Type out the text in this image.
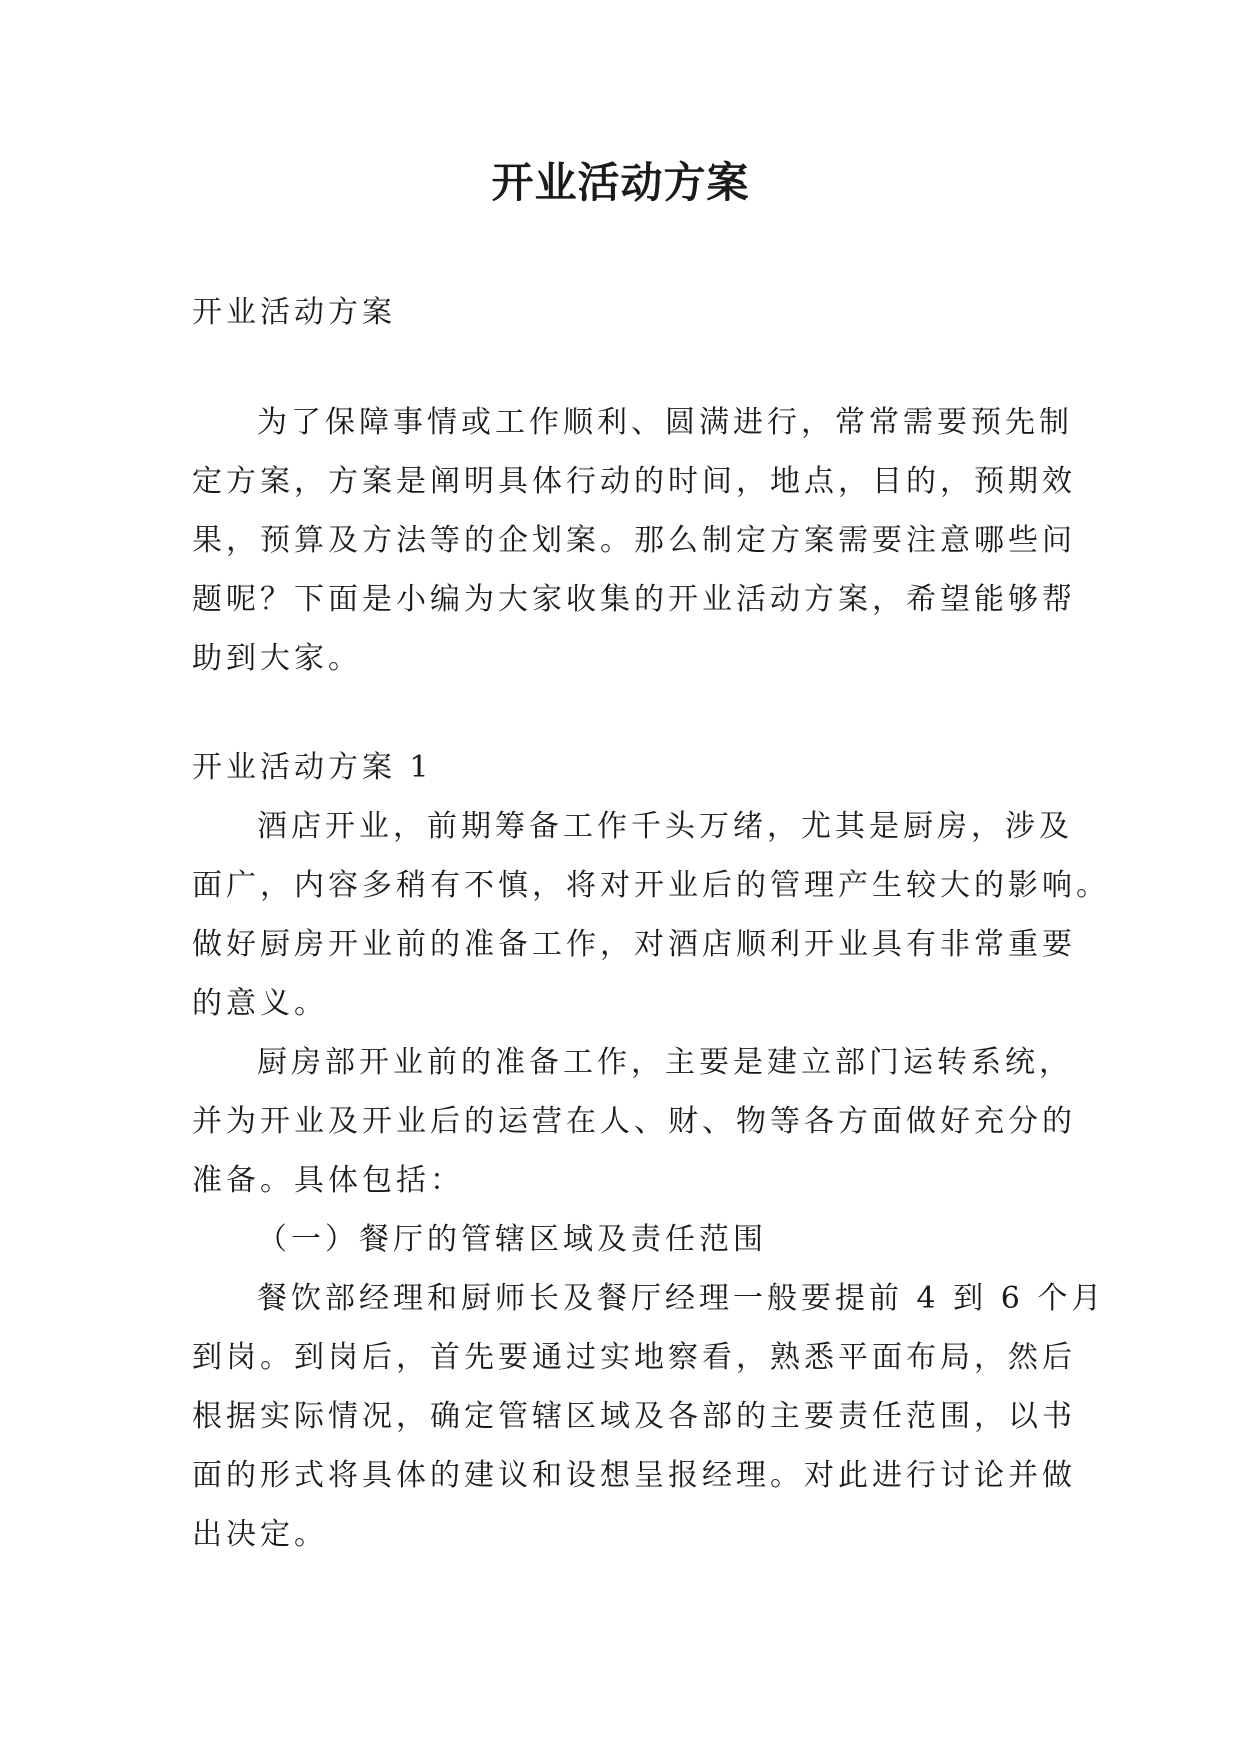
开业活动方案
开业活动方案
为了保障事情或工作顺利、圆满进行，常常需要预先制
定方案，方案是阐明具体行动的时间，地点，目的，预期效
果，预算及方法等的企划案。那么制定方案需要注意哪些问
题呢？下面是小编为大家收集的开业活动方案，希望能够帮
助到大家。
开业活动方案 1
酒店开业，前期筹备工作千头万绪，尤其是厨房，涉及
面广，内容多稍有不慎，将对开业后的管理产生较大的影响。
做好厨房开业前的准备工作，对酒店顺利开业具有非常重要
的意义。
厨房部开业前的准备工作，主要是建立部门运转系统，
并为开业及开业后的运营在人、财、物等各方面做好充分的
准备。具体包括：
（一）餐厅的管辖区域及责任范围
餐饮部经理和厨师长及餐厅经理一般要提前 4 到 6 个月
到岗。到岗后，首先要通过实地察看，熟悉平面布局，然后
根据实际情况，确定管辖区域及各部的主要责任范围，以书
面的形式将具体的建议和设想呈报经理。对此进行讨论并做
出决定。
